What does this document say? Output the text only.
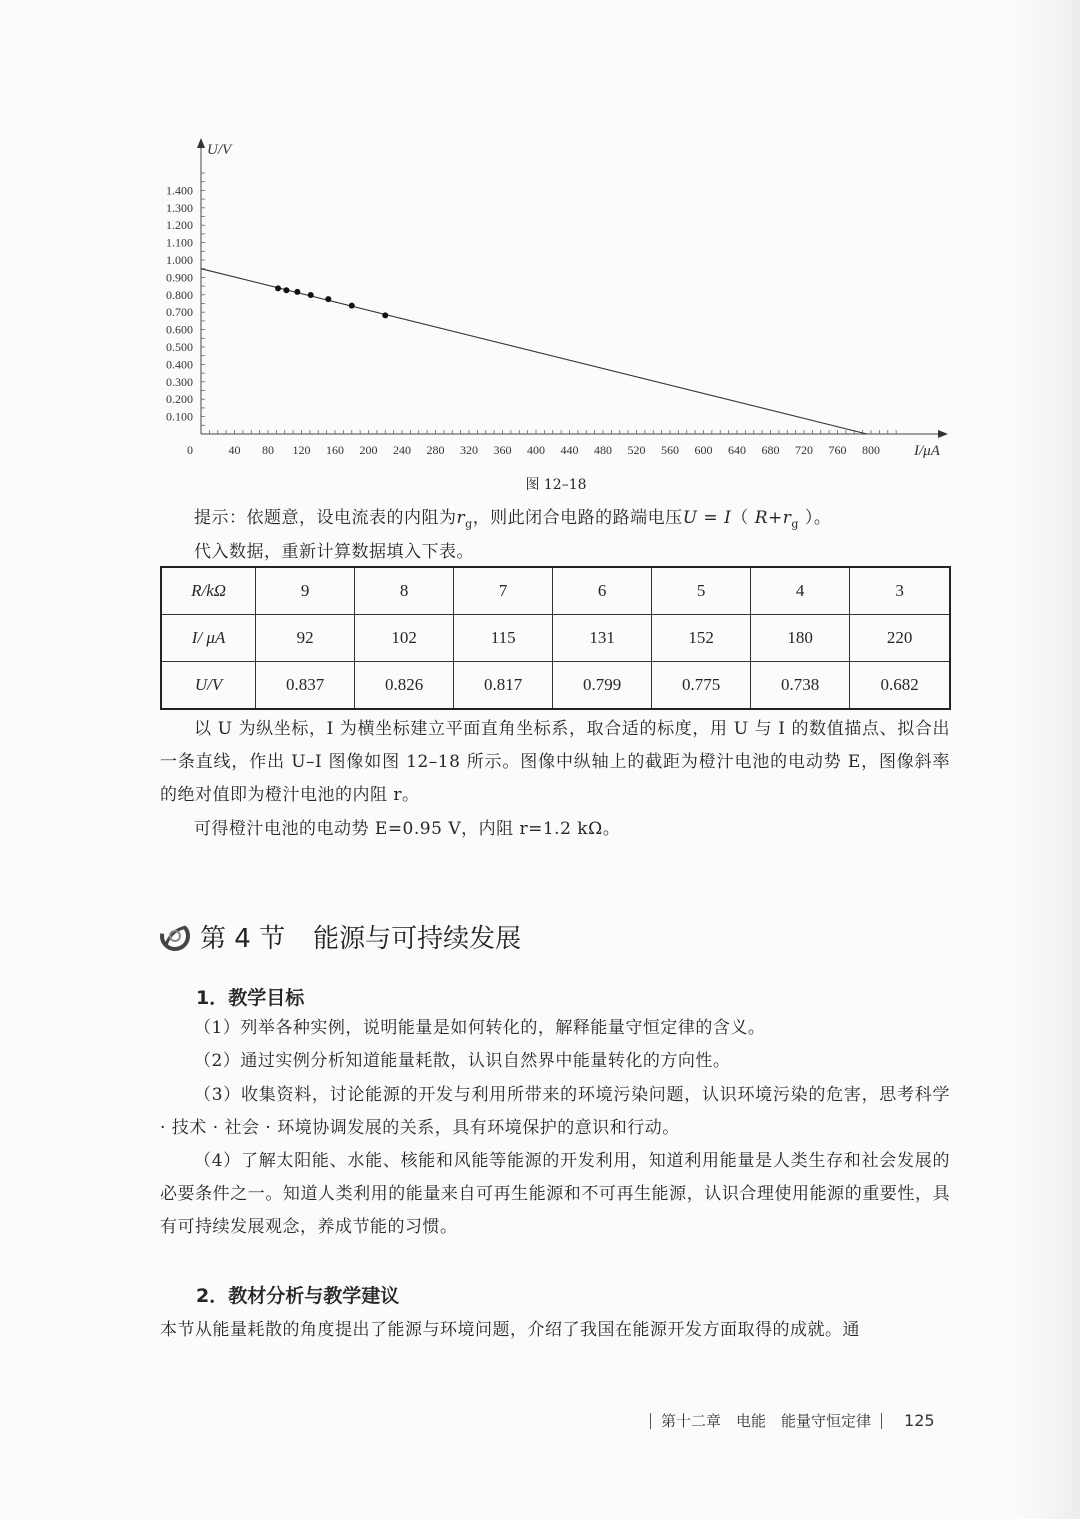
0	40 80 120 160 200 240 280 320 360 400 440 480 520 560 600 640 680 720 760 800
0.100
0.200
0.300
0.400
0.500
0.600
0.700
0.800
0.900
1.000
1.100
1.200
1.300
1.400
U/V
I/μA
图 12–18
提示：依题意，设电流表的内阻为$r_g$，则此闭合电路的路端电压U = I（ $R+r_g$ ）。
代入数据，重新计算数据填入下表。
R/kΩ	9	8	7	6	5	4	3
I/ μA	92	102	115	131	152	180	220
U/V	0.837	0.826	0.817	0.799	0.775	0.738	0.682
以 U 为纵坐标，I 为横坐标建立平面直角坐标系，取合适的标度，用 U 与 I 的数值描点、拟合出一条直线，作出 U–I 图像如图 12–18 所示。图像中纵轴上的截距为橙汁电池的电动势 E，图像斜率的绝对值即为橙汁电池的内阻 r。
可得橙汁电池的电动势 E=0.95 V，内阻 r=1.2 kΩ。
第 4 节 能源与可持续发展
1．教学目标
（1）列举各种实例，说明能量是如何转化的，解释能量守恒定律的含义。
（2）通过实例分析知道能量耗散，认识自然界中能量转化的方向性。
（3）收集资料，讨论能源的开发与利用所带来的环境污染问题，认识环境污染的危害，思考科学 · 技术 · 社会 · 环境协调发展的关系，具有环境保护的意识和行动。
（4）了解太阳能、水能、核能和风能等能源的开发利用，知道利用能量是人类生存和社会发展的必要条件之一。知道人类利用的能量来自可再生能源和不可再生能源，认识合理使用能源的重要性，具有可持续发展观念，养成节能的习惯。
2．教材分析与教学建议
本节从能量耗散的角度提出了能源与环境问题，介绍了我国在能源开发方面取得的成就。通
第十二章　电能　能量守恒定律 125
